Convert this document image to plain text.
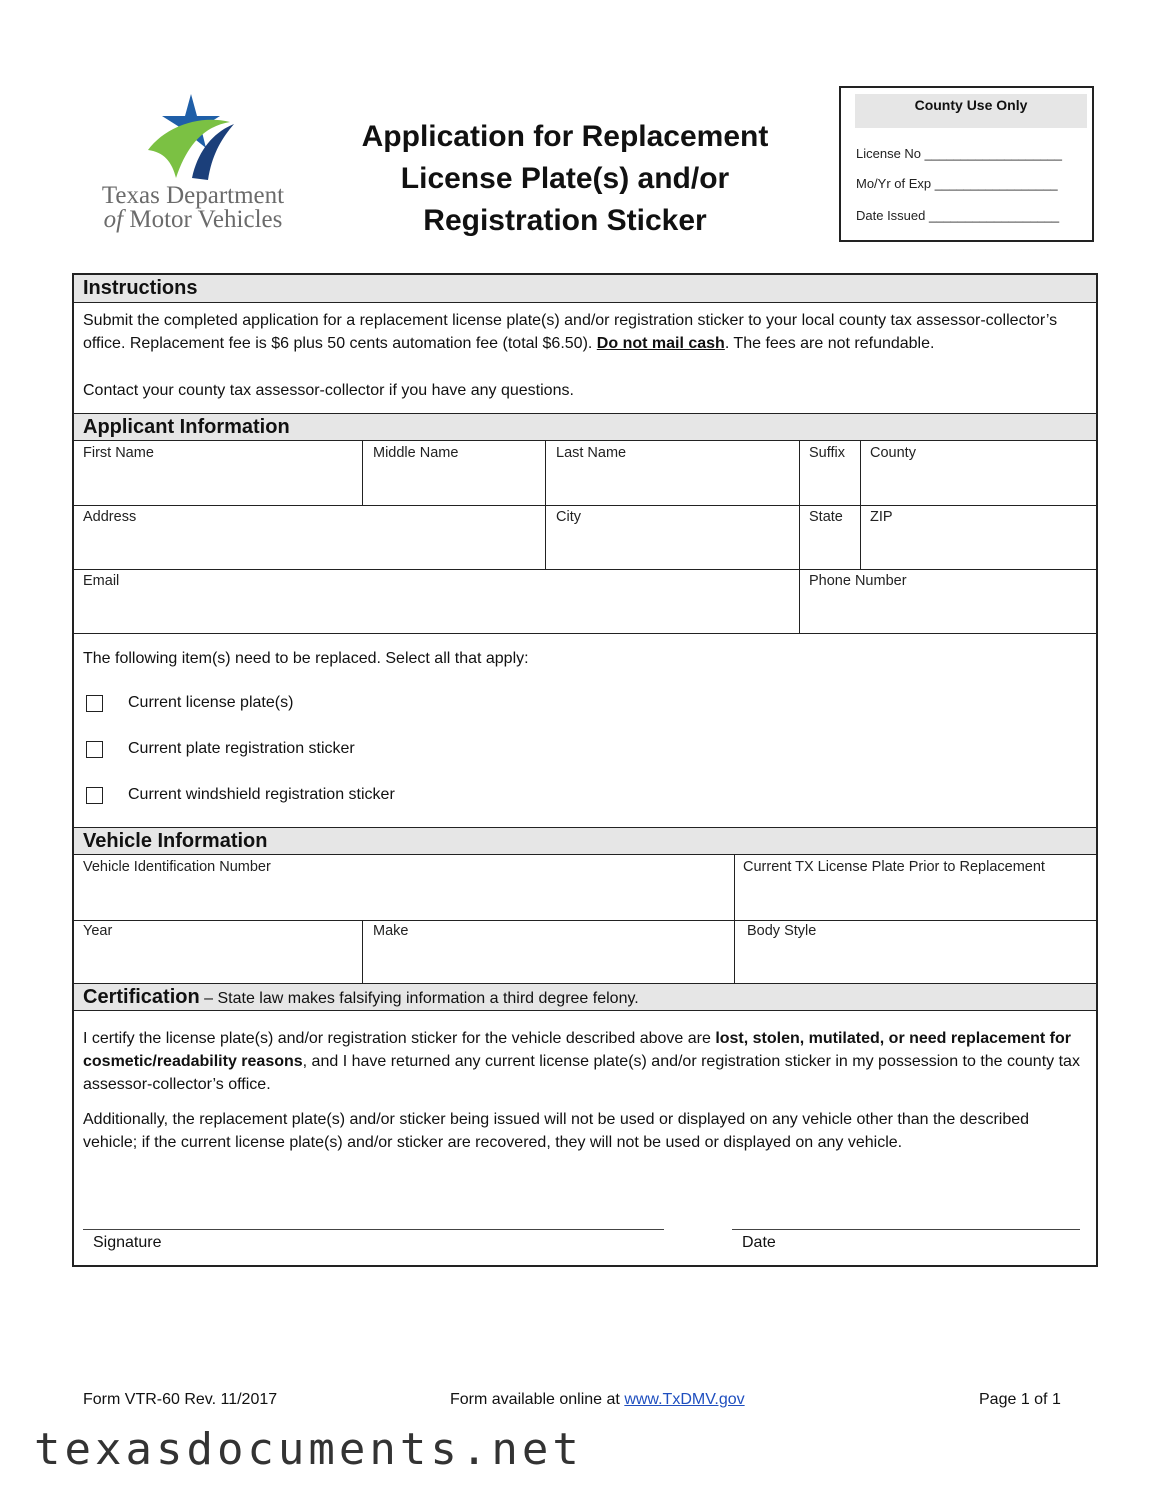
Texas Department
of Motor Vehicles
Application for Replacement
License Plate(s) and/or
Registration Sticker
County Use Only
License No ___________________
Mo/Yr of Exp _________________
Date Issued __________________
Instructions
Submit the completed application for a replacement license plate(s) and/or registration sticker to your local county tax assessor-collector’s office. Replacement fee is $6 plus 50 cents automation fee (total $6.50). Do not mail cash. The fees are not refundable.
Contact your county tax assessor-collector if you have any questions.
Applicant Information
First Name	Middle Name	Last Name	Suffix County
Address	City	State ZIP
Email	Phone Number
The following item(s) need to be replaced. Select all that apply:
Current license plate(s)
Current plate registration sticker
Current windshield registration sticker
Vehicle Information
Vehicle Identification Number	Current TX License Plate Prior to Replacement
Year	Make	Body Style
Certification – State law makes falsifying information a third degree felony.
I certify the license plate(s) and/or registration sticker for the vehicle described above are lost, stolen, mutilated, or need replacement for cosmetic/readability reasons, and I have returned any current license plate(s) and/or registration sticker in my possession to the county tax assessor-collector’s office.
Additionally, the replacement plate(s) and/or sticker being issued will not be used or displayed on any vehicle other than the described vehicle; if the current license plate(s) and/or sticker are recovered, they will not be used or displayed on any vehicle.
Signature	Date
Form VTR-60 Rev. 11/2017	Form available online at www.TxDMV.gov	Page 1 of 1
texasdocuments.net
